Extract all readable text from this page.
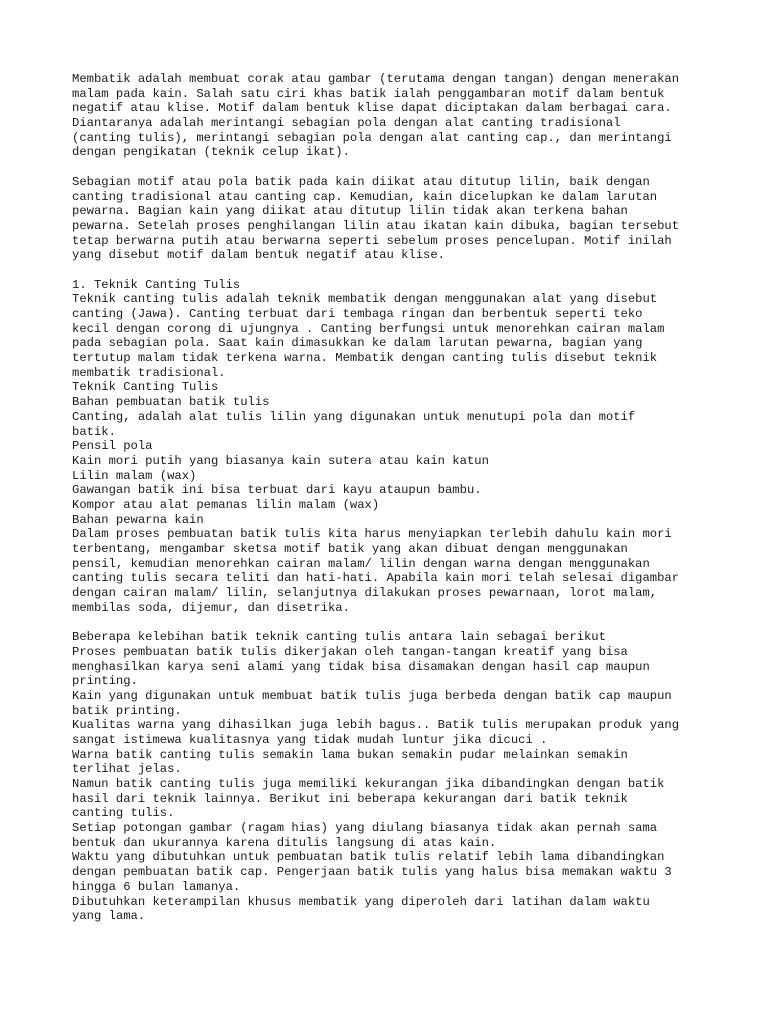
Membatik adalah membuat corak atau gambar (terutama dengan tangan) dengan menerakan
malam pada kain. Salah satu ciri khas batik ialah penggambaran motif dalam bentuk
negatif atau klise. Motif dalam bentuk klise dapat diciptakan dalam berbagai cara.
Diantaranya adalah merintangi sebagian pola dengan alat canting tradisional
(canting tulis), merintangi sebagian pola dengan alat canting cap., dan merintangi
dengan pengikatan (teknik celup ikat).
Sebagian motif atau pola batik pada kain diikat atau ditutup lilin, baik dengan
canting tradisional atau canting cap. Kemudian, kain dicelupkan ke dalam larutan
pewarna. Bagian kain yang diikat atau ditutup lilin tidak akan terkena bahan
pewarna. Setelah proses penghilangan lilin atau ikatan kain dibuka, bagian tersebut
tetap berwarna putih atau berwarna seperti sebelum proses pencelupan. Motif inilah
yang disebut motif dalam bentuk negatif atau klise.
1. Teknik Canting Tulis
Teknik canting tulis adalah teknik membatik dengan menggunakan alat yang disebut
canting (Jawa). Canting terbuat dari tembaga ringan dan berbentuk seperti teko
kecil dengan corong di ujungnya . Canting berfungsi untuk menorehkan cairan malam
pada sebagian pola. Saat kain dimasukkan ke dalam larutan pewarna, bagian yang
tertutup malam tidak terkena warna. Membatik dengan canting tulis disebut teknik
membatik tradisional.
Teknik Canting Tulis
Bahan pembuatan batik tulis
Canting, adalah alat tulis lilin yang digunakan untuk menutupi pola dan motif
batik.
Pensil pola
Kain mori putih yang biasanya kain sutera atau kain katun
Lilin malam (wax)
Gawangan batik ini bisa terbuat dari kayu ataupun bambu.
Kompor atau alat pemanas lilin malam (wax)
Bahan pewarna kain
Dalam proses pembuatan batik tulis kita harus menyiapkan terlebih dahulu kain mori
terbentang, mengambar sketsa motif batik yang akan dibuat dengan menggunakan
pensil, kemudian menorehkan cairan malam/ lilin dengan warna dengan menggunakan
canting tulis secara teliti dan hati-hati. Apabila kain mori telah selesai digambar
dengan cairan malam/ lilin, selanjutnya dilakukan proses pewarnaan, lorot malam,
membilas soda, dijemur, dan disetrika.
Beberapa kelebihan batik teknik canting tulis antara lain sebagai berikut
Proses pembuatan batik tulis dikerjakan oleh tangan-tangan kreatif yang bisa
menghasilkan karya seni alami yang tidak bisa disamakan dengan hasil cap maupun
printing.
Kain yang digunakan untuk membuat batik tulis juga berbeda dengan batik cap maupun
batik printing.
Kualitas warna yang dihasilkan juga lebih bagus.. Batik tulis merupakan produk yang
sangat istimewa kualitasnya yang tidak mudah luntur jika dicuci .
Warna batik canting tulis semakin lama bukan semakin pudar melainkan semakin
terlihat jelas.
Namun batik canting tulis juga memiliki kekurangan jika dibandingkan dengan batik
hasil dari teknik lainnya. Berikut ini beberapa kekurangan dari batik teknik
canting tulis.
Setiap potongan gambar (ragam hias) yang diulang biasanya tidak akan pernah sama
bentuk dan ukurannya karena ditulis langsung di atas kain.
Waktu yang dibutuhkan untuk pembuatan batik tulis relatif lebih lama dibandingkan
dengan pembuatan batik cap. Pengerjaan batik tulis yang halus bisa memakan waktu 3
hingga 6 bulan lamanya.
Dibutuhkan keterampilan khusus membatik yang diperoleh dari latihan dalam waktu
yang lama.
